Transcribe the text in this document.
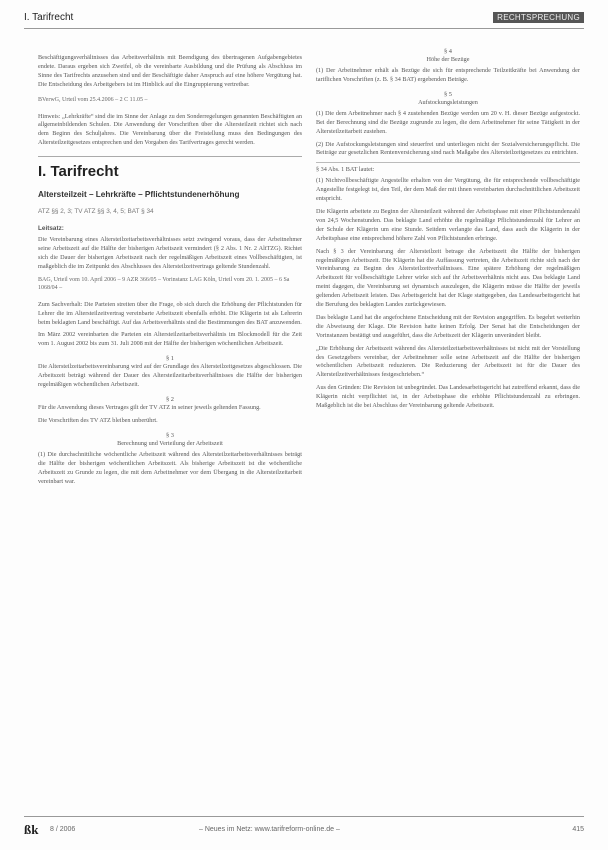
I. Tarifrecht	RECHTSPRECHUNG

Beschäftigungsverhältnisses das Arbeitsverhältnis mit Beendigung des übertragenen Aufgabengebietes endete. Daraus ergeben sich Zweifel, ob die vereinbarte Ausbildung und die Prüfung als Abschluss im Sinne des Tarifrechts anzusehen sind und der Beschäftigte daher Anspruch auf eine höhere Vergütung hat. Die Entscheidung des Arbeitgebers ist im Hinblick auf die Eingruppierung vertretbar.

BVerwG, Urteil vom 25.4.2006 – 2 C 11.05 –

Hinweis: „Lehrkräfte“ sind die im Sinne der Anlage zu den Sonderregelungen genannten Beschäftigten an allgemeinbildenden Schulen. Die Anwendung der Vorschriften über die Altersteilzeit richtet sich nach dem Beginn des Schuljahres. Die Vereinbarung über die Freistellung muss den Bedingungen des Altersteilzeitgesetzes entsprechen und den Vorgaben des Tarifvertrages gerecht werden.

I. Tarifrecht
Altersteilzeit – Lehrkräfte – Pflichtstundenerhöhung
ATZ §§ 2, 3; TV ATZ §§ 3, 4, 5; BAT § 34
Leitsatz:

Die Vereinbarung eines Altersteilzeitarbeitsverhältnisses setzt zwingend voraus, dass der Arbeitnehmer seine Arbeitszeit auf die Hälfte der bisherigen Arbeitszeit vermindert (§ 2 Abs. 1 Nr. 2 AltTZG). Richtet sich die Dauer der bisherigen Arbeitszeit nach der regelmäßigen Arbeitszeit eines Vollbeschäftigten, ist maßgeblich die im Zeitpunkt des Abschlusses des Altersteilzeitvertrags geltende Stundenzahl.

BAG, Urteil vom 10. April 2006 – 9 AZR 366/05 – Vorinstanz LAG Köln, Urteil vom 20. 1. 2005 – 6 Sa 1068/04 –

Zum Sachverhalt: Die Parteien streiten über die Frage, ob sich durch die Erhöhung der Pflichtstunden für Lehrer die im Altersteilzeitvertrag vereinbarte Arbeitszeit ebenfalls erhöht. Die Klägerin ist als Lehrerin beim beklagten Land beschäftigt. Auf das Arbeitsverhältnis sind die Bestimmungen des BAT anzuwenden.

Im März 2002 vereinbarten die Parteien ein Altersteilzeitarbeitsverhältnis im Blockmodell für die Zeit vom 1. August 2002 bis zum 31. Juli 2008 mit der Hälfte der bisherigen wöchentlichen Arbeitszeit.

§ 1

Die Altersteilzeitarbeitsvereinbarung wird auf der Grundlage des Altersteilzeitgesetzes abgeschlossen. Die Arbeitszeit beträgt während der Dauer des Altersteilzeitarbeitsverhältnisses die Hälfte der bisherigen regelmäßigen wöchentlichen Arbeitszeit.

§ 2

Für die Anwendung dieses Vertrages gilt der TV ATZ in seiner jeweils geltenden Fassung.

Die Vorschriften des TV ATZ bleiben unberührt.

§ 3
Berechnung und Verteilung der Arbeitszeit

(1) Die durchschnittliche wöchentliche Arbeitszeit während des Altersteilzeitarbeitsverhältnisses beträgt die Hälfte der bisherigen wöchentlichen Arbeitszeit. Als bisherige Arbeitszeit ist die wöchentliche Arbeitszeit zu Grunde zu legen, die mit dem Arbeitnehmer vor dem Übergang in die Altersteilzeitarbeit vereinbart war.

§ 4
Höhe der Bezüge

(1) Der Arbeitnehmer erhält als Bezüge die sich für entsprechende Teilzeitkräfte bei Anwendung der tariflichen Vorschriften (z. B. § 34 BAT) ergebenden Beträge.

§ 5
Aufstockungsleistungen

(1) Die dem Arbeitnehmer nach § 4 zustehenden Bezüge werden um 20 v. H. dieser Bezüge aufgestockt. Bei der Berechnung sind die Bezüge zugrunde zu legen, die dem Arbeitnehmer für seine Tätigkeit in der Altersteilzeitarbeit zustehen.

(2) Die Aufstockungsleistungen sind steuerfrei und unterliegen nicht der Sozialversicherungspflicht. Die Beiträge zur gesetzlichen Rentenversicherung sind nach Maßgabe des Altersteilzeitgesetzes zu entrichten.

§ 34 Abs. 1 BAT lautet:

(1) Nichtvollbeschäftigte Angestellte erhalten von der Vergütung, die für entsprechende vollbeschäftigte Angestellte festgelegt ist, den Teil, der dem Maß der mit ihnen vereinbarten durchschnittlichen Arbeitszeit entspricht.

Die Klägerin arbeitete zu Beginn der Altersteilzeit während der Arbeitsphase mit einer Pflichtstundenzahl von 24,5 Wochenstunden. Das beklagte Land erhöhte die regelmäßige Pflichtstundenzahl für Lehrer an der Schule der Klägerin um eine Stunde. Seitdem verlangte das Land, dass auch die Klägerin in der Arbeitsphase eine entsprechend höhere Zahl von Pflichtstunden erbringe.

Nach § 3 der Vereinbarung der Altersteilzeit betrage die Arbeitszeit die Hälfte der bisherigen regelmäßigen Arbeitszeit. Die Klägerin hat die Auffassung vertreten, die Arbeitszeit richte sich nach der Vereinbarung zu Beginn des Altersteilzeitverhältnisses. Eine spätere Erhöhung der regelmäßigen Arbeitszeit für vollbeschäftigte Lehrer wirke sich auf ihr Arbeitsverhältnis nicht aus. Das beklagte Land meint dagegen, die Vereinbarung sei dynamisch auszulegen, die Klägerin müsse die Hälfte der jeweils geltenden Arbeitszeit leisten. Das Arbeitsgericht hat der Klage stattgegeben, das Landesarbeitsgericht hat die Berufung des beklagten Landes zurückgewiesen.

Das beklagte Land hat die angefochtene Entscheidung mit der Revision angegriffen. Es begehrt weiterhin die Abweisung der Klage. Die Revision hatte keinen Erfolg. Der Senat hat die Entscheidungen der Vorinstanzen bestätigt und ausgeführt, dass die Arbeitszeit der Klägerin unverändert bleibt.

„Die Erhöhung der Arbeitszeit während des Altersteilzeitarbeitsverhältnisses ist nicht mit der Vorstellung des Gesetzgebers vereinbar, der Arbeitnehmer solle seine Arbeitszeit auf die Hälfte der bisherigen wöchentlichen Arbeitszeit reduzieren. Die Reduzierung der Arbeitszeit ist für die Dauer des Altersteilzeitverhältnisses festgeschrieben.“

Aus den Gründen: Die Revision ist unbegründet. Das Landesarbeitsgericht hat zutreffend erkannt, dass die Klägerin nicht verpflichtet ist, in der Arbeitsphase die erhöhte Pflichtstundenzahl zu erbringen. Maßgeblich ist die bei Abschluss der Vereinbarung geltende Arbeitszeit.

ßk 8 / 2006	– Neues im Netz: www.tarifreform-online.de –	415
